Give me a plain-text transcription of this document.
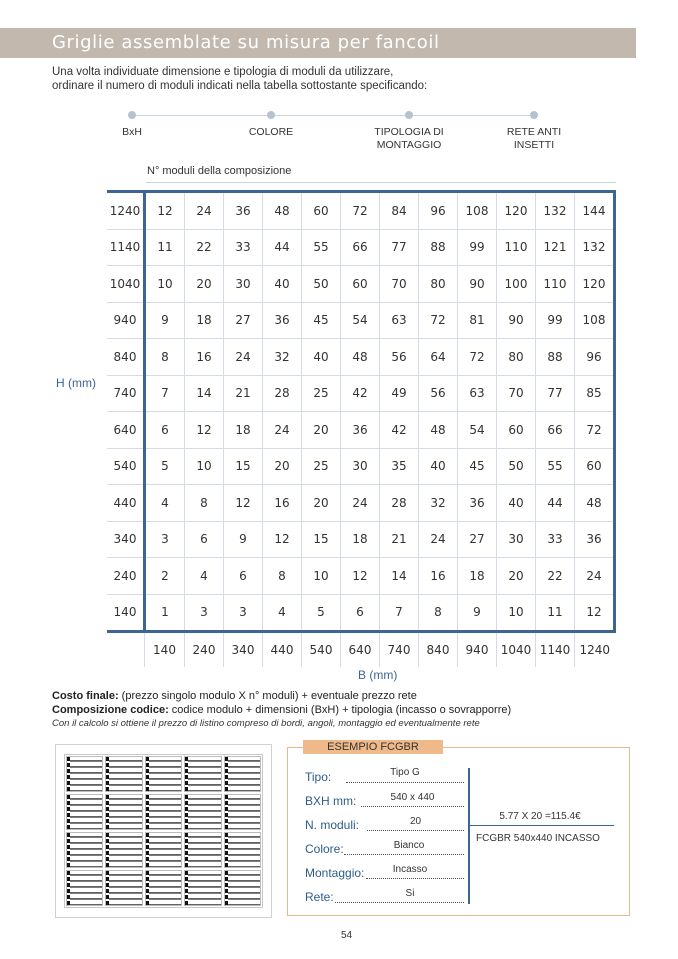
Griglie assemblate su misura per fancoil
Una volta individuate dimensione e tipologia di moduli da utilizzare,
ordinare il numero di moduli indicati nella tabella sottostante specificando:
BxH	COLORE	TIPOLOGIA DI
MONTAGGIO
RETE ANTI
INSETTI
N° moduli della composizione
H (mm)
1240	12	24	36	48	60	72	84	96	108	120	132	144
1140	11	22	33	44	55	66	77	88	99	110	121	132
1040	10	20	30	40	50	60	70	80	90	100	110	120
940	9	18	27	36	45	54	63	72	81	90	99	108
840	8	16	24	32	40	48	56	64	72	80	88	96
740	7	14	21	28	25	42	49	56	63	70	77	85
640	6	12	18	24	20	36	42	48	54	60	66	72
540	5	10	15	20	25	30	35	40	45	50	55	60
440	4	8	12	16	20	24	28	32	36	40	44	48
340	3	6	9	12	15	18	21	24	27	30	33	36
240	2	4	6	8	10	12	14	16	18	20	22	24
140	1	3	3	4	5	6	7	8	9	10	11	12
	140	240	340	440	540	640	740	840	940	1040	1140	1240
B (mm)
Costo finale: (prezzo singolo modulo X n° moduli) + eventuale prezzo rete
Composizione codice: codice modulo + dimensioni (BxH) + tipologia (incasso o sovrapporre)
Con il calcolo si ottiene il prezzo di listino compreso di bordi, angoli, montaggio ed eventualmente rete
ESEMPIO FCGBR
Tipo:	Tipo G
BXH mm:	540 x 440
N. moduli:	20
Colore:	Bianco
Montaggio:	Incasso
Rete:	Si
5.77 X 20 =115.4€
FCGBR 540x440 INCASSO
54
